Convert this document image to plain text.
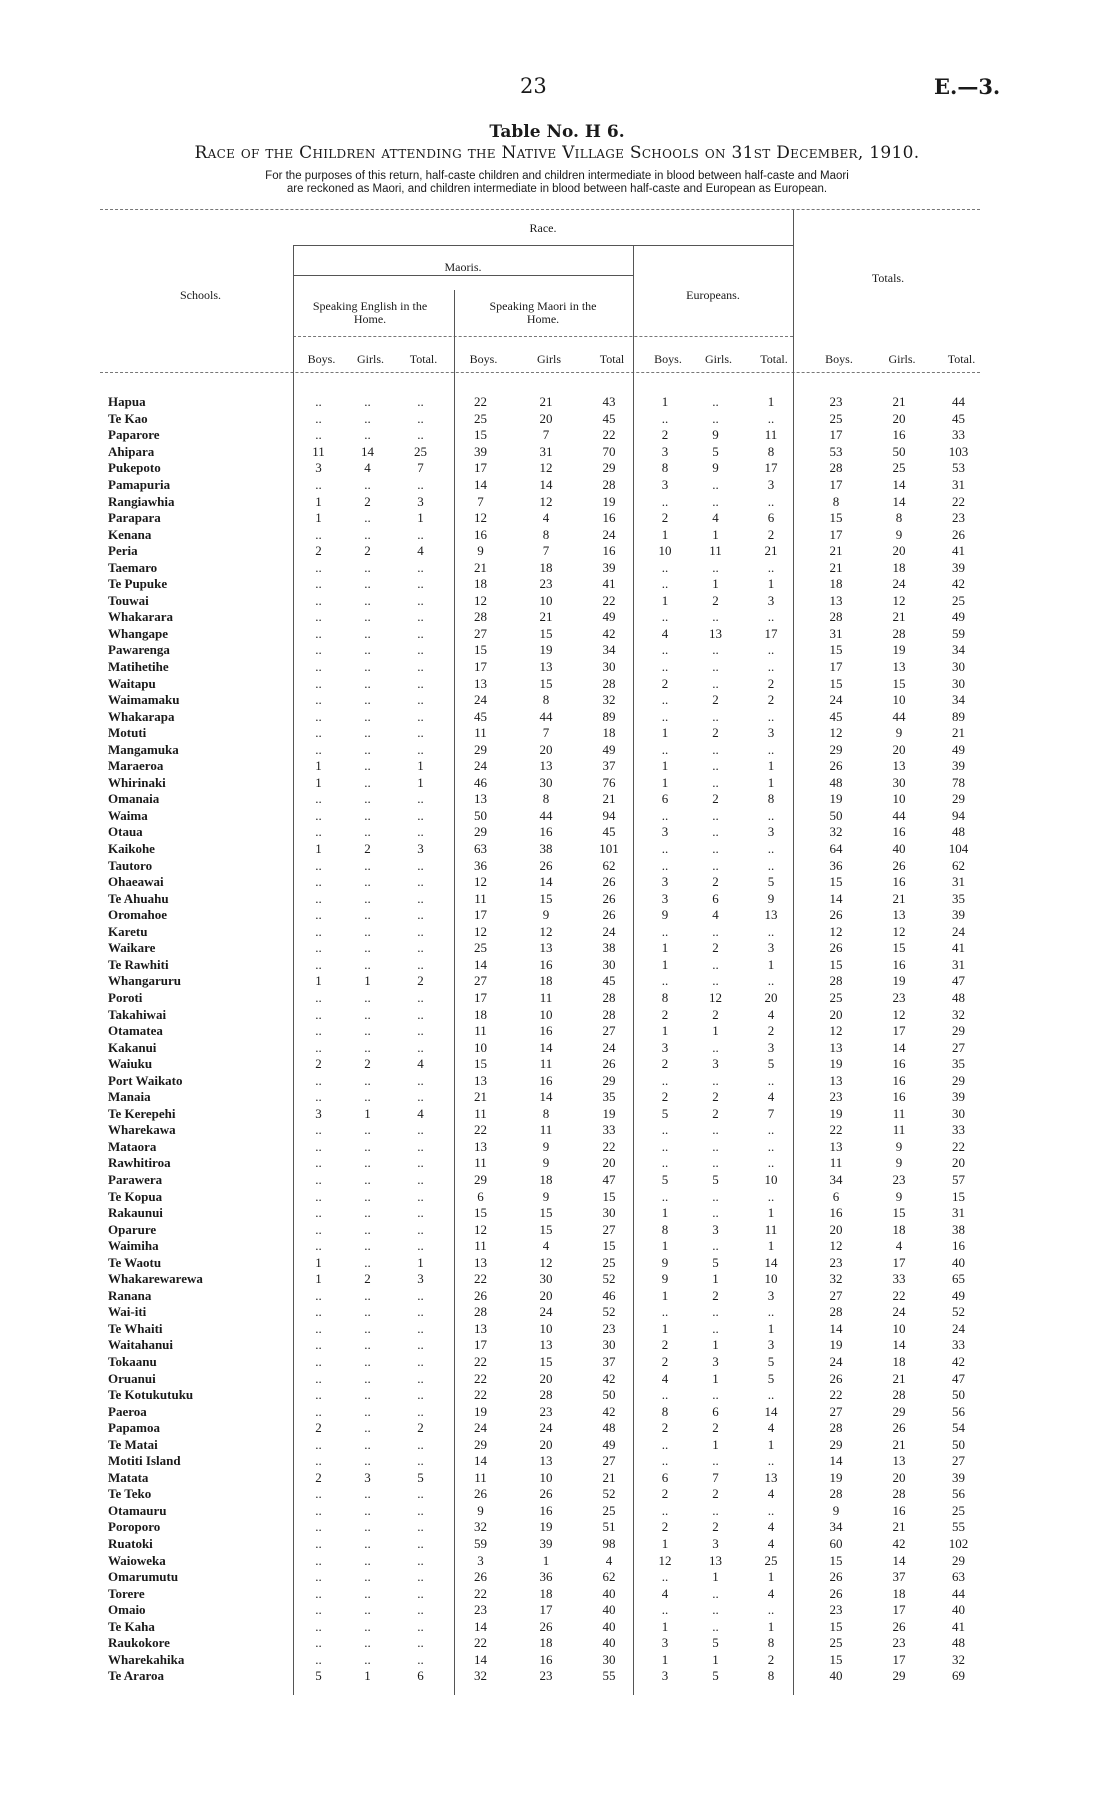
23	E.—3.
Table No. H 6.
Race of the Children attending the Native Village Schools on 31st December, 1910.
For the purposes of this return, half-caste children and children intermediate in blood between half-caste and Maori
are reckoned as Maori, and children intermediate in blood between half-caste and European as European.
Schools.
Race.
Maoris.
Speaking English in the Home.
Speaking Maori in the Home.
Europeans.
Totals.
Boys.	Girls.	Total.	Boys.	Girls	Total	Boys.	Girls.	Total.	Boys.	Girls.	Total.
Hapua	..	..	..	22	21	43	1	..	1	23	21	44
Te Kao	..	..	..	25	20	45	..	..	..	25	20	45
Paparore	..	..	..	15	7	22	2	9	11	17	16	33
Ahipara	11	14	25	39	31	70	3	5	8	53	50	103
Pukepoto	3	4	7	17	12	29	8	9	17	28	25	53
Pamapuria	..	..	..	14	14	28	3	..	3	17	14	31
Rangiawhia	1	2	3	7	12	19	..	..	..	8	14	22
Parapara	1	..	1	12	4	16	2	4	6	15	8	23
Kenana	..	..	..	16	8	24	1	1	2	17	9	26
Peria	2	2	4	9	7	16	10	11	21	21	20	41
Taemaro	..	..	..	21	18	39	..	..	..	21	18	39
Te Pupuke	..	..	..	18	23	41	..	1	1	18	24	42
Touwai	..	..	..	12	10	22	1	2	3	13	12	25
Whakarara	..	..	..	28	21	49	..	..	..	28	21	49
Whangape	..	..	..	27	15	42	4	13	17	31	28	59
Pawarenga	..	..	..	15	19	34	..	..	..	15	19	34
Matihetihe	..	..	..	17	13	30	..	..	..	17	13	30
Waitapu	..	..	..	13	15	28	2	..	2	15	15	30
Waimamaku	..	..	..	24	8	32	..	2	2	24	10	34
Whakarapa	..	..	..	45	44	89	..	..	..	45	44	89
Motuti	..	..	..	11	7	18	1	2	3	12	9	21
Mangamuka	..	..	..	29	20	49	..	..	..	29	20	49
Maraeroa	1	..	1	24	13	37	1	..	1	26	13	39
Whirinaki	1	..	1	46	30	76	1	..	1	48	30	78
Omanaia	..	..	..	13	8	21	6	2	8	19	10	29
Waima	..	..	..	50	44	94	..	..	..	50	44	94
Otaua	..	..	..	29	16	45	3	..	3	32	16	48
Kaikohe	1	2	3	63	38	101	..	..	..	64	40	104
Tautoro	..	..	..	36	26	62	..	..	..	36	26	62
Ohaeawai	..	..	..	12	14	26	3	2	5	15	16	31
Te Ahuahu	..	..	..	11	15	26	3	6	9	14	21	35
Oromahoe	..	..	..	17	9	26	9	4	13	26	13	39
Karetu	..	..	..	12	12	24	..	..	..	12	12	24
Waikare	..	..	..	25	13	38	1	2	3	26	15	41
Te Rawhiti	..	..	..	14	16	30	1	..	1	15	16	31
Whangaruru	1	1	2	27	18	45	..	..	..	28	19	47
Poroti	..	..	..	17	11	28	8	12	20	25	23	48
Takahiwai	..	..	..	18	10	28	2	2	4	20	12	32
Otamatea	..	..	..	11	16	27	1	1	2	12	17	29
Kakanui	..	..	..	10	14	24	3	..	3	13	14	27
Waiuku	2	2	4	15	11	26	2	3	5	19	16	35
Port Waikato	..	..	..	13	16	29	..	..	..	13	16	29
Manaia	..	..	..	21	14	35	2	2	4	23	16	39
Te Kerepehi	3	1	4	11	8	19	5	2	7	19	11	30
Wharekawa	..	..	..	22	11	33	..	..	..	22	11	33
Mataora	..	..	..	13	9	22	..	..	..	13	9	22
Rawhitiroa	..	..	..	11	9	20	..	..	..	11	9	20
Parawera	..	..	..	29	18	47	5	5	10	34	23	57
Te Kopua	..	..	..	6	9	15	..	..	..	6	9	15
Rakaunui	..	..	..	15	15	30	1	..	1	16	15	31
Oparure	..	..	..	12	15	27	8	3	11	20	18	38
Waimiha	..	..	..	11	4	15	1	..	1	12	4	16
Te Waotu	1	..	1	13	12	25	9	5	14	23	17	40
Whakarewarewa	1	2	3	22	30	52	9	1	10	32	33	65
Ranana	..	..	..	26	20	46	1	2	3	27	22	49
Wai-iti	..	..	..	28	24	52	..	..	..	28	24	52
Te Whaiti	..	..	..	13	10	23	1	..	1	14	10	24
Waitahanui	..	..	..	17	13	30	2	1	3	19	14	33
Tokaanu	..	..	..	22	15	37	2	3	5	24	18	42
Oruanui	..	..	..	22	20	42	4	1	5	26	21	47
Te Kotukutuku	..	..	..	22	28	50	..	..	..	22	28	50
Paeroa	..	..	..	19	23	42	8	6	14	27	29	56
Papamoa	2	..	2	24	24	48	2	2	4	28	26	54
Te Matai	..	..	..	29	20	49	..	1	1	29	21	50
Motiti Island	..	..	..	14	13	27	..	..	..	14	13	27
Matata	2	3	5	11	10	21	6	7	13	19	20	39
Te Teko	..	..	..	26	26	52	2	2	4	28	28	56
Otamauru	..	..	..	9	16	25	..	..	..	9	16	25
Poroporo	..	..	..	32	19	51	2	2	4	34	21	55
Ruatoki	..	..	..	59	39	98	1	3	4	60	42	102
Waioweka	..	..	..	3	1	4	12	13	25	15	14	29
Omarumutu	..	..	..	26	36	62	..	1	1	26	37	63
Torere	..	..	..	22	18	40	4	..	4	26	18	44
Omaio	..	..	..	23	17	40	..	..	..	23	17	40
Te Kaha	..	..	..	14	26	40	1	..	1	15	26	41
Raukokore	..	..	..	22	18	40	3	5	8	25	23	48
Wharekahika	..	..	..	14	16	30	1	1	2	15	17	32
Te Araroa	5	1	6	32	23	55	3	5	8	40	29	69
